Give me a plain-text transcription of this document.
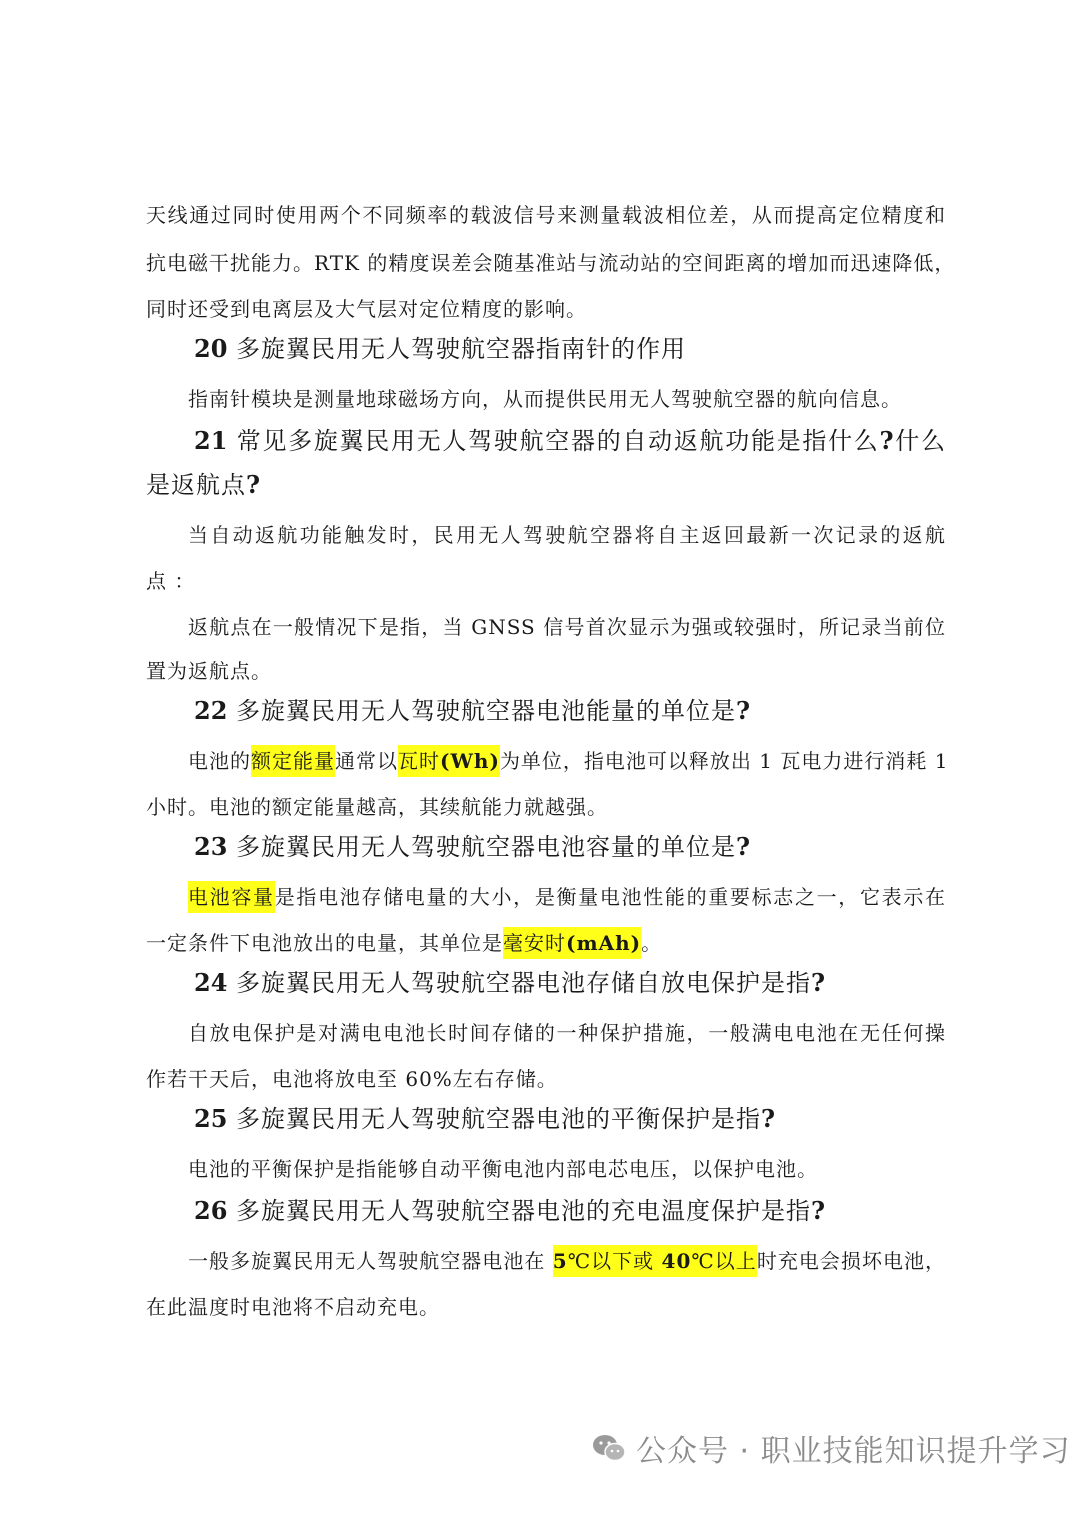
天线通过同时使用两个不同频率的载波信号来测量载波相位差，从而提高定位精度和
抗电磁干扰能力。RTK 的精度误差会随基准站与流动站的空间距离的增加而迅速降低，
同时还受到电离层及大气层对定位精度的影响。
20 多旋翼民用无人驾驶航空器指南针的作用
指南针模块是测量地球磁场方向，从而提供民用无人驾驶航空器的航向信息。
21 常见多旋翼民用无人驾驶航空器的自动返航功能是指什么?什么
是返航点?
当自动返航功能触发时，民用无人驾驶航空器将自主返回最新一次记录的返航
点 ：
返航点在一般情况下是指，当 GNSS 信号首次显示为强或较强时，所记录当前位
置为返航点。
22 多旋翼民用无人驾驶航空器电池能量的单位是?
电池的额定能量通常以瓦时(Wh)为单位，指电池可以释放出 1 瓦电力进行消耗 1
小时。电池的额定能量越高，其续航能力就越强。
23 多旋翼民用无人驾驶航空器电池容量的单位是?
电池容量是指电池存储电量的大小，是衡量电池性能的重要标志之一，它表示在
一定条件下电池放出的电量，其单位是毫安时(mAh)。
24 多旋翼民用无人驾驶航空器电池存储自放电保护是指?
自放电保护是对满电电池长时间存储的一种保护措施，一般满电电池在无任何操
作若干天后，电池将放电至 60%左右存储。
25 多旋翼民用无人驾驶航空器电池的平衡保护是指?
电池的平衡保护是指能够自动平衡电池内部电芯电压，以保护电池。
26 多旋翼民用无人驾驶航空器电池的充电温度保护是指?
一般多旋翼民用无人驾驶航空器电池在 5℃以下或 40℃以上时充电会损坏电池，
在此温度时电池将不启动充电。
公众号 · 职业技能知识提升学习
